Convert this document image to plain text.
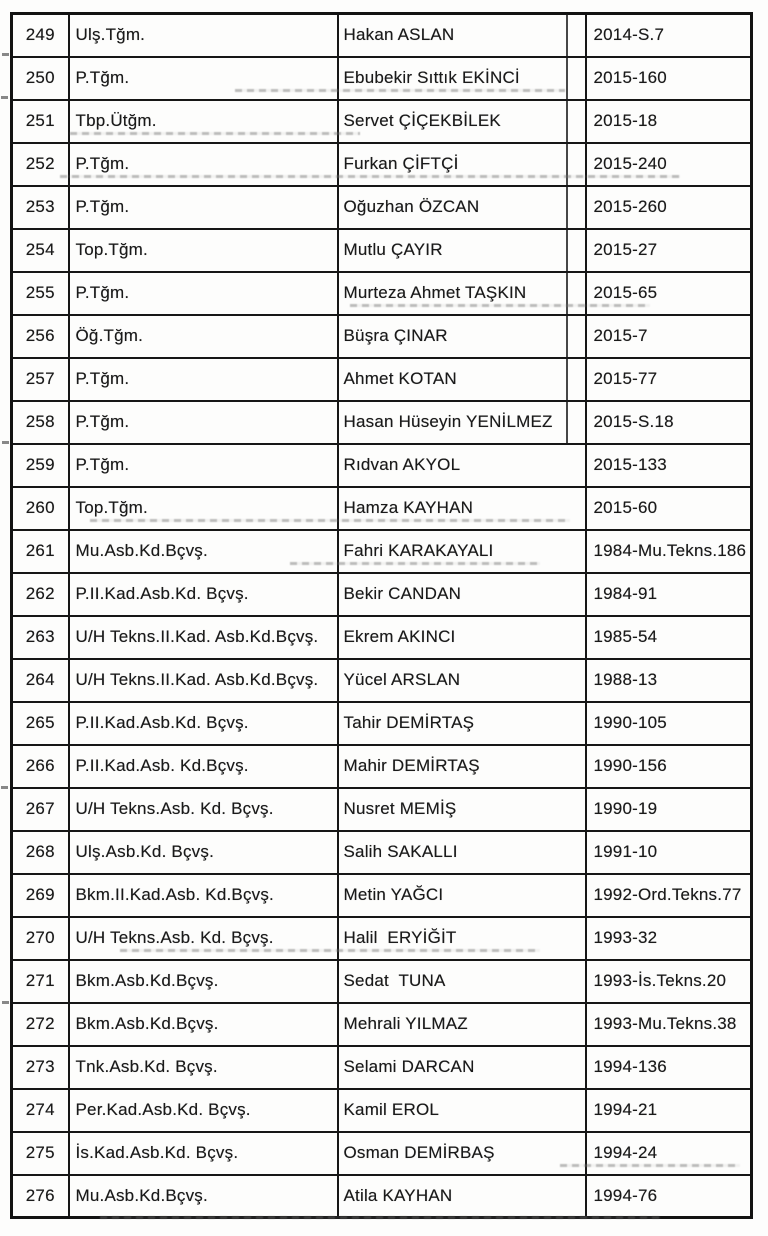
249	Ulş.Tğm.	Hakan ASLAN	2014-S.7
250	P.Tğm.	Ebubekir Sıttık EKİNCİ	2015-160
251	Tbp.Ütğm.	Servet ÇİÇEKBİLEK	2015-18
252	P.Tğm.	Furkan ÇİFTÇİ	2015-240
253	P.Tğm.	Oğuzhan ÖZCAN	2015-260
254	Top.Tğm.	Mutlu ÇAYIR	2015-27
255	P.Tğm.	Murteza Ahmet TAŞKIN	2015-65
256	Öğ.Tğm.	Büşra ÇINAR	2015-7
257	P.Tğm.	Ahmet KOTAN	2015-77
258	P.Tğm.	Hasan Hüseyin YENİLMEZ	2015-S.18
259	P.Tğm.	Rıdvan AKYOL	2015-133
260	Top.Tğm.	Hamza KAYHAN	2015-60
261	Mu.Asb.Kd.Bçvş.	Fahri KARAKAYALI	1984-Mu.Tekns.186
262	P.II.Kad.Asb.Kd. Bçvş.	Bekir CANDAN	1984-91
263	U/H Tekns.II.Kad. Asb.Kd.Bçvş.	Ekrem AKINCI	1985-54
264	U/H Tekns.II.Kad. Asb.Kd.Bçvş.	Yücel ARSLAN	1988-13
265	P.II.Kad.Asb.Kd. Bçvş.	Tahir DEMİRTAŞ	1990-105
266	P.II.Kad.Asb. Kd.Bçvş.	Mahir DEMİRTAŞ	1990-156
267	U/H Tekns.Asb. Kd. Bçvş.	Nusret MEMİŞ	1990-19
268	Ulş.Asb.Kd. Bçvş.	Salih SAKALLI	1991-10
269	Bkm.II.Kad.Asb. Kd.Bçvş.	Metin YAĞCI	1992-Ord.Tekns.77
270	U/H Tekns.Asb. Kd. Bçvş.	Halil  ERYİĞİT	1993-32
271	Bkm.Asb.Kd.Bçvş.	Sedat  TUNA	1993-İs.Tekns.20
272	Bkm.Asb.Kd.Bçvş.	Mehrali YILMAZ	1993-Mu.Tekns.38
273	Tnk.Asb.Kd. Bçvş.	Selami DARCAN	1994-136
274	Per.Kad.Asb.Kd. Bçvş.	Kamil EROL	1994-21
275	İs.Kad.Asb.Kd. Bçvş.	Osman DEMİRBAŞ	1994-24
276	Mu.Asb.Kd.Bçvş.	Atila KAYHAN	1994-76
